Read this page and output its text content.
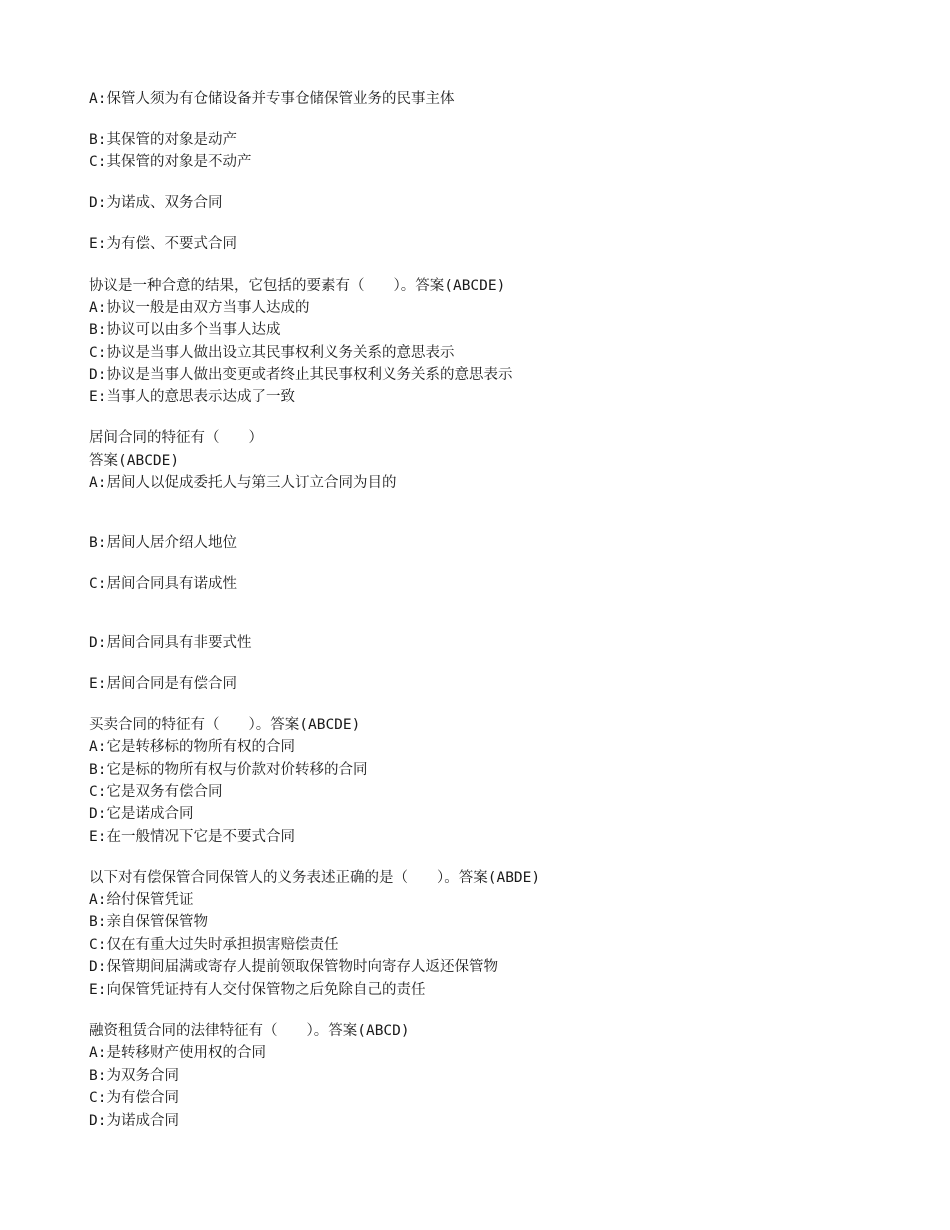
A:保管人须为有仓储设备并专事仓储保管业务的民事主体
B:其保管的对象是动产
C:其保管的对象是不动产
D:为诺成、双务合同
E:为有偿、不要式合同
协议是一种合意的结果，它包括的要素有（　　）。答案(ABCDE)
A:协议一般是由双方当事人达成的
B:协议可以由多个当事人达成
C:协议是当事人做出设立其民事权利义务关系的意思表示
D:协议是当事人做出变更或者终止其民事权利义务关系的意思表示
E:当事人的意思表示达成了一致
居间合同的特征有（　　）
答案(ABCDE)
A:居间人以促成委托人与第三人订立合同为目的
B:居间人居介绍人地位
C:居间合同具有诺成性
D:居间合同具有非要式性
E:居间合同是有偿合同
买卖合同的特征有（　　）。答案(ABCDE)
A:它是转移标的物所有权的合同
B:它是标的物所有权与价款对价转移的合同
C:它是双务有偿合同
D:它是诺成合同
E:在一般情况下它是不要式合同
以下对有偿保管合同保管人的义务表述正确的是（　　）。答案(ABDE)
A:给付保管凭证
B:亲自保管保管物
C:仅在有重大过失时承担损害赔偿责任
D:保管期间届满或寄存人提前领取保管物时向寄存人返还保管物
E:向保管凭证持有人交付保管物之后免除自己的责任
融资租赁合同的法律特征有（　　）。答案(ABCD)
A:是转移财产使用权的合同
B:为双务合同
C:为有偿合同
D:为诺成合同
